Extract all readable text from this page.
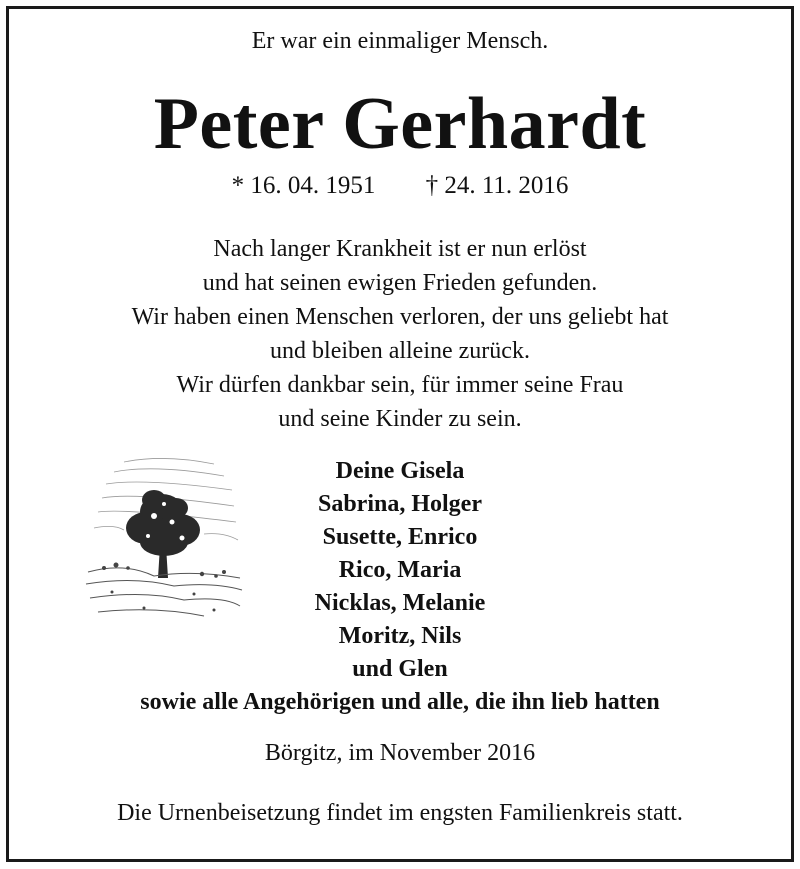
Er war ein einmaliger Mensch.
Peter Gerhardt
* 16. 04. 1951 † 24. 11. 2016
Nach langer Krankheit ist er nun erlöst
und hat seinen ewigen Frieden gefunden.
Wir haben einen Menschen verloren, der uns geliebt hat
und bleiben alleine zurück.
Wir dürfen dankbar sein, für immer seine Frau
und seine Kinder zu sein.
Deine Gisela
Sabrina, Holger
Susette, Enrico
Rico, Maria
Nicklas, Melanie
Moritz, Nils
und Glen
sowie alle Angehörigen und alle, die ihn lieb hatten
Börgitz, im November 2016
Die Urnenbeisetzung findet im engsten Familienkreis statt.
